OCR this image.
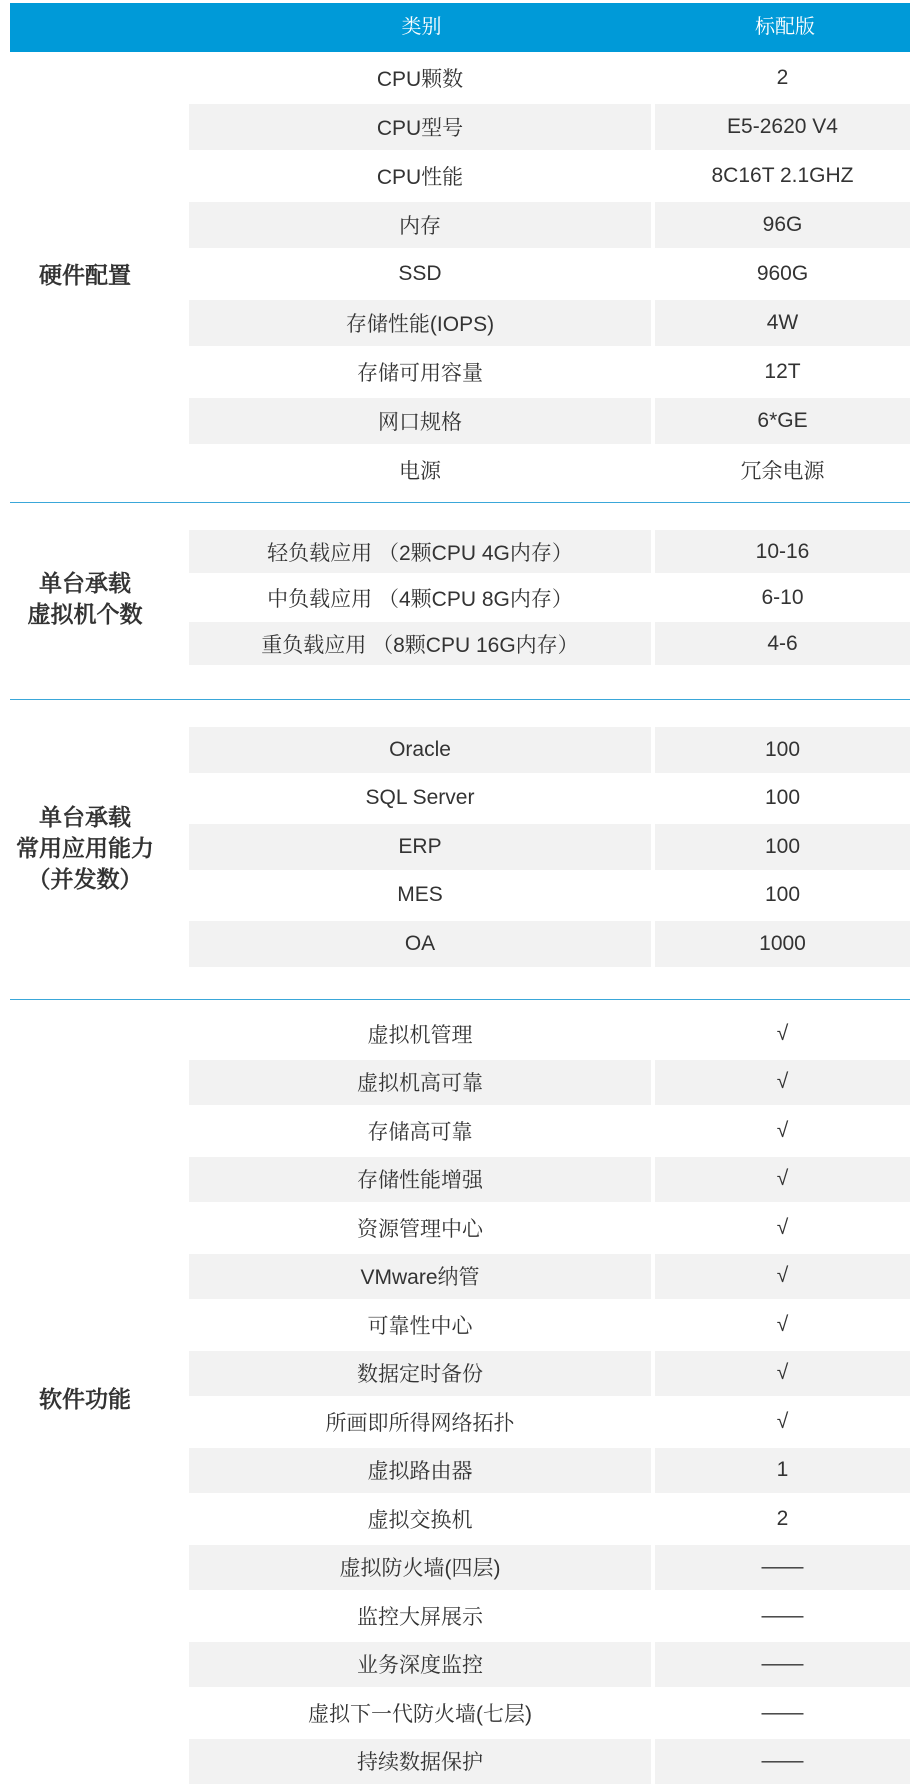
类别	标配版
硬件配置
CPU颗数	2
CPU型号	E5-2620 V4
CPU性能	8C16T 2.1GHZ
内存	96G
SSD	960G
存储性能(IOPS)	4W
存储可用容量	12T
网口规格	6*GE
电源	冗余电源
单台承载
虚拟机个数
轻负载应用 （2颗CPU 4G内存）	10-16
中负载应用 （4颗CPU 8G内存）	6-10
重负载应用 （8颗CPU 16G内存）	4-6
单台承载
常用应用能力
（并发数）
Oracle	100
SQL Server	100
ERP	100
MES	100
OA	1000
软件功能
虚拟机管理	√
虚拟机高可靠	√
存储高可靠	√
存储性能增强	√
资源管理中心	√
VMware纳管	√
可靠性中心	√
数据定时备份	√
所画即所得网络拓扑	√
虚拟路由器	1
虚拟交换机	2
虚拟防火墙(四层)	——
监控大屏展示	——
业务深度监控	——
虚拟下一代防火墙(七层)	——
持续数据保护	——
